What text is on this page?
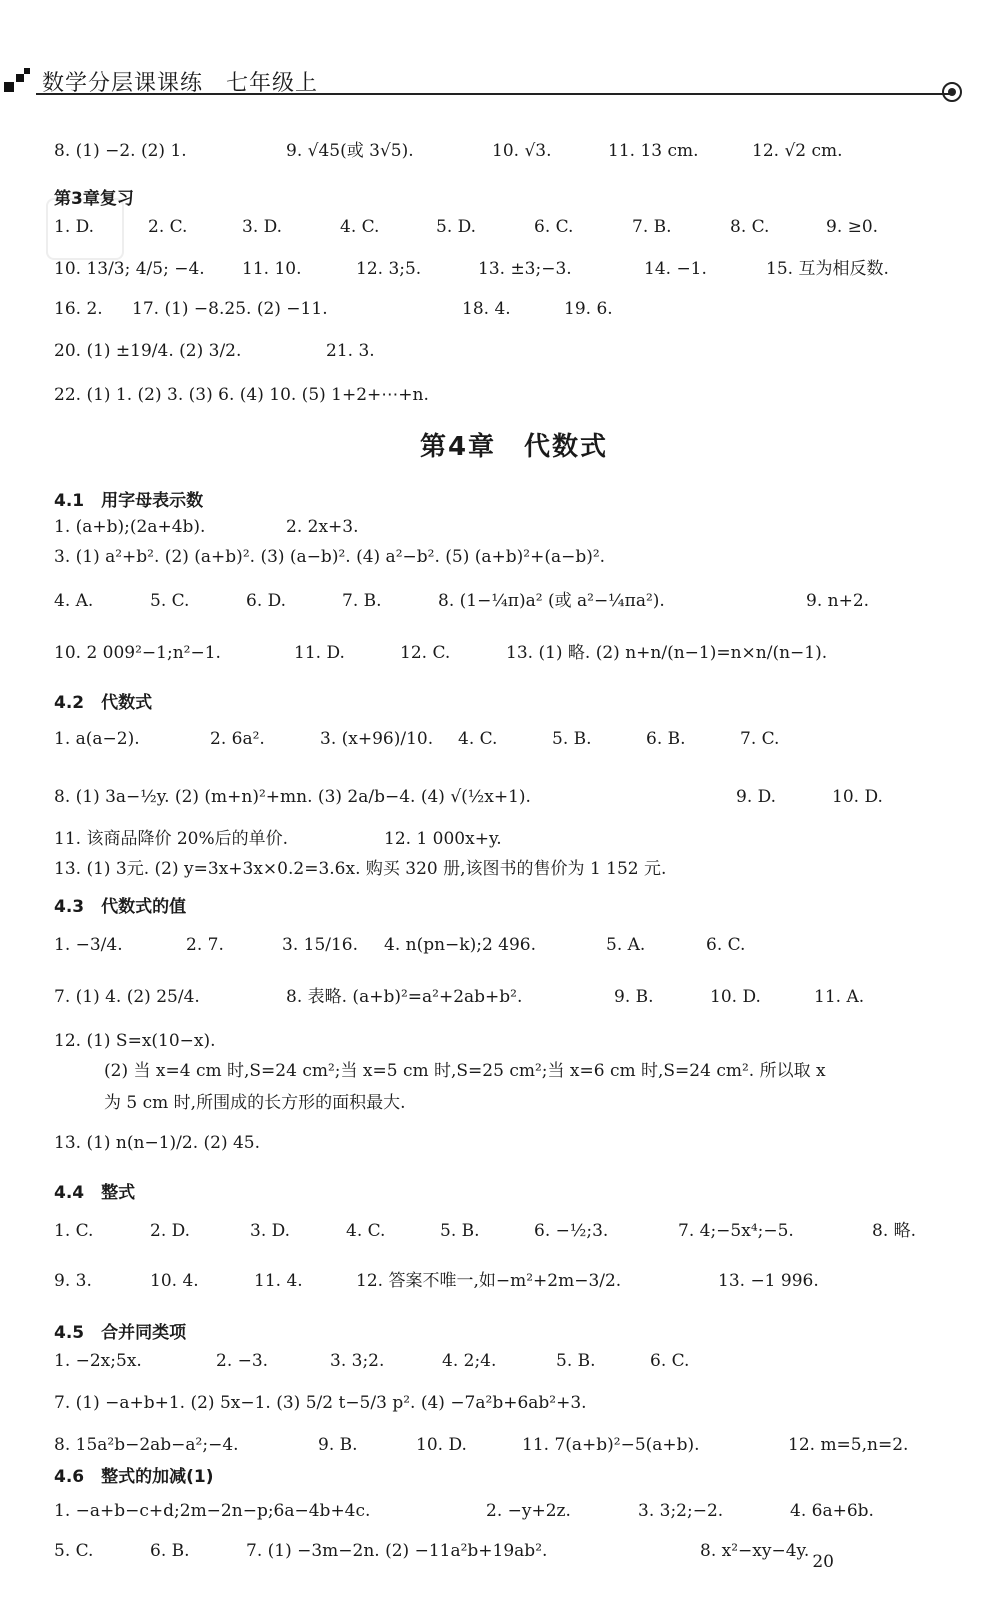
数学分层课课练　七年级上
8. (1) −2. (2) 1.	9. √45(或 3√5).	10. √3.	11. 13 cm.	12. √2 cm.
第3章复习
1. D.	2. C.	3. D.	4. C.	5. D.	6. C.	7. B.	8. C.	9. ≥0.
10. 13/3; 4/5; −4. 11. 10.	12. 3;5.	13. ±3;−3.	14. −1.	15. 互为相反数.
16. 2. 17. (1) −8.25. (2) −11.	18. 4.	19. 6.
20. (1) ±19/4. (2) 3/2.	21. 3.
22. (1) 1. (2) 3. (3) 6. (4) 10. (5) 1+2+⋯+n.
第4章　代数式
4.1　用字母表示数
1. (a+b);(2a+4b).	2. 2x+3.
3. (1) a²+b². (2) (a+b)². (3) (a−b)². (4) a²−b². (5) (a+b)²+(a−b)².
4. A.	5. C.	6. D.	7. B.	8. (1−¼π)a² (或 a²−¼πa²).	9. n+2.
10. 2 009²−1;n²−1.	11. D.	12. C.	13. (1) 略. (2) n+n/(n−1)=n×n/(n−1).
4.2　代数式
1. a(a−2).	2. 6a².	3. (x+96)/10. 4. C.	5. B.	6. B.	7. C.
8. (1) 3a−½y. (2) (m+n)²+mn. (3) 2a/b−4. (4) √(½x+1).	9. D.	10. D.
11. 该商品降价 20%后的单价.	12. 1 000x+y.
13. (1) 3元. (2) y=3x+3x×0.2=3.6x. 购买 320 册,该图书的售价为 1 152 元.
4.3　代数式的值
1. −3/4.	2. 7.	3. 15/16. 4. n(pn−k);2 496.	5. A.	6. C.
7. (1) 4. (2) 25/4.	8. 表略. (a+b)²=a²+2ab+b².	9. B.	10. D.	11. A.
12. (1) S=x(10−x).
(2) 当 x=4 cm 时,S=24 cm²;当 x=5 cm 时,S=25 cm²;当 x=6 cm 时,S=24 cm². 所以取 x
为 5 cm 时,所围成的长方形的面积最大.
13. (1) n(n−1)/2. (2) 45.
4.4　整式
1. C.	2. D.	3. D.	4. C.	5. B.	6. −½;3.	7. 4;−5x⁴;−5.	8. 略.
9. 3.	10. 4.	11. 4.	12. 答案不唯一,如−m²+2m−3/2.	13. −1 996.
4.5　合并同类项
1. −2x;5x.	2. −3.	3. 3;2.	4. 2;4.	5. B.	6. C.
7. (1) −a+b+1. (2) 5x−1. (3) 5/2 t−5/3 p². (4) −7a²b+6ab²+3.
8. 15a²b−2ab−a²;−4.	9. B.	10. D.	11. 7(a+b)²−5(a+b).	12. m=5,n=2.
4.6　整式的加减(1)
1. −a+b−c+d;2m−2n−p;6a−4b+4c.	2. −y+2z.	3. 3;2;−2.	4. 6a+6b.
5. C.	6. B.	7. (1) −3m−2n. (2) −11a²b+19ab².	8. x²−xy−4y.
20
